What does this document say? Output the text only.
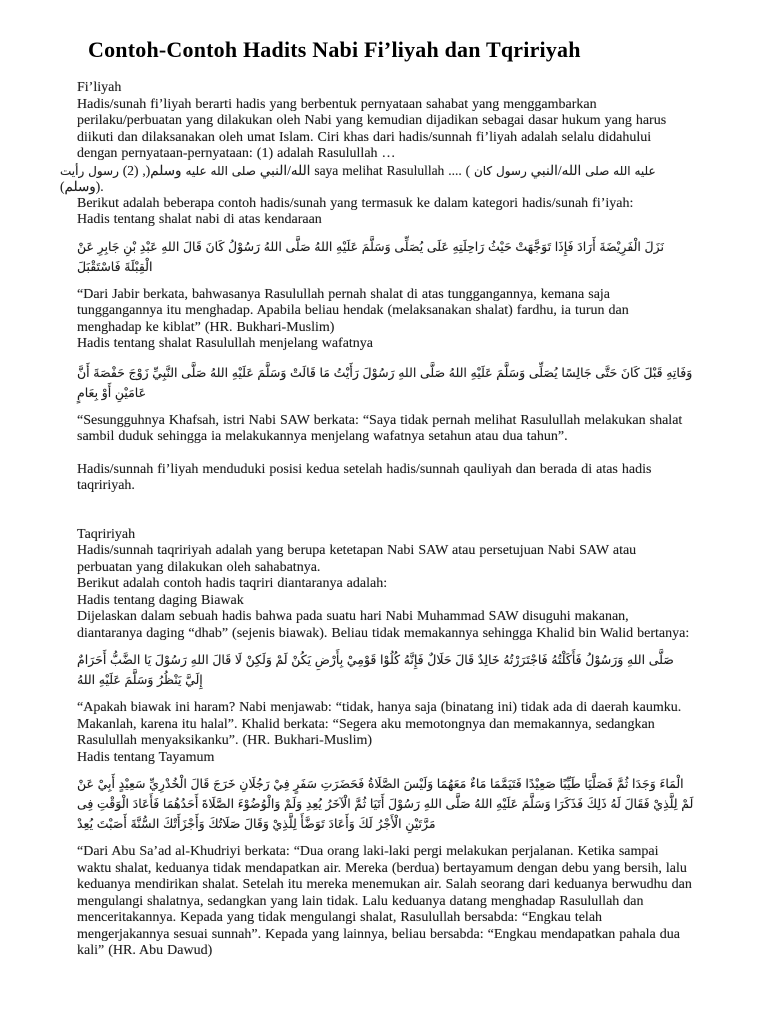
Contoh-Contoh Hadits Nabi Fi’liyah dan Tqririyah
Fi’liyah
Hadis/sunah fi’liyah berarti hadis yang berbentuk pernyataan sahabat yang menggambarkan perilaku/perbuatan yang dilakukan oleh Nabi yang kemudian dijadikan sebagai dasar hukum yang harus diikuti dan dilaksanakan oleh umat Islam. Ciri khas dari hadis/sunnah fi’liyah adalah selalu didahului dengan pernyataan-pernyataan: (1) adalah Rasulullah …
رأيت رسول	الله/النبي صلى الله عليه وسلم(, (2)	saya melihat Rasulullah .... ( كان رسول الله/النبي صلى الله عليه
(وسلم).
Berikut adalah beberapa contoh hadis/sunah yang termasuk ke dalam kategori hadis/sunah fi’iyah:
Hadis tentang shalat nabi di atas kendaraan
عَنْ جَابِرِ بْنِ عَبْدِ اللهِ قَالَ كَانَ رَسُوْلُ اللهُ صَلَّى اللهُ عَلَيْهِ وَسَلَّمَ يُصَلِّى عَلَى رَاحِلَتِهِ حَيْثُ تَوَجَّهَتْ فَإِذَا أَرَادَ الْفَرِيْضَةَ نَزَلَ فَاسْتَقْبَلَ الْقِبْلَةَ
“Dari Jabir berkata, bahwasanya Rasulullah pernah shalat di atas tunggangannya, kemana saja tunggangannya itu menghadap. Apabila beliau hendak (melaksanakan shalat) fardhu, ia turun dan menghadap ke kiblat” (HR. Bukhari-Muslim)
Hadis tentang shalat Rasulullah menjelang wafatnya
أَنَّ حَفْصَةَ زَوْجَ النَّبِيِّ صَلَّى اللهُ عَلَيْهِ وَسَلَّمَ قَالَتْ مَا رَأَيْتُ رَسُوْلَ اللهِ صَلَّى اللهُ عَلَيْهِ وَسَلَّمَ يُصَلِّى جَالِسًا حَتَّى كَانَ قَبْلَ وَفَاتِهِ بِعَامٍ أَوْ عَامَيْنِ
“Sesungguhnya Khafsah, istri Nabi SAW berkata: “Saya tidak pernah melihat Rasulullah melakukan shalat sambil duduk sehingga ia melakukannya menjelang wafatnya setahun atau dua tahun”.
Hadis/sunnah fi’liyah menduduki posisi kedua setelah hadis/sunnah qauliyah dan berada di atas hadis taqririyah.
Taqririyah
Hadis/sunnah taqririyah adalah yang berupa ketetapan Nabi SAW atau persetujuan Nabi SAW atau perbuatan yang dilakukan oleh sahabatnya.
Berikut adalah contoh hadis taqriri diantaranya adalah:
Hadis tentang daging Biawak
Dijelaskan dalam sebuah hadis bahwa pada suatu hari Nabi Muhammad SAW disuguhi makanan, diantaranya daging “dhab” (sejenis biawak). Beliau tidak memakannya sehingga Khalid bin Walid bertanya:
أَحَرَامٌ الضَّبُّ يَا رَسُوْلَ اللهِ قَالَ لَا وَلَكِنْ لَمْ يَكُنْ بِأَرْضِ قَوْمِيْ كُلُوْا فَإِنَّهُ حَلَالٌ قَالَ خَالِدٌ فَاجْتَرَرْتُهُ فَأَكَلْتُهُ وَرَسُوْلُ اللهِ صَلَّى اللهُ عَلَيْهِ وَسَلَّمَ يَنْظُرُ إِلَيَّ
“Apakah biawak ini haram? Nabi menjawab: “tidak, hanya saja (binatang ini) tidak ada di daerah kaumku. Makanlah, karena itu halal”. Khalid berkata: “Segera aku memotongnya dan memakannya, sedangkan Rasulullah menyaksikanku”. (HR. Bukhari-Muslim)
Hadis tentang Tayamum
عَنْ أَبِيْ سَعِيْدٍ الْخُدْرِيِّ قَالَ خَرَجَ رَجُلَانِ فِيْ سَفَرٍ فَحَضَرَتِ الصَّلَاةُ وَلَيْسَ مَعَهُمَا مَاءٌ فَتَيَمَّمَا صَعِيْدًا طَيِّبًا فَصَلَّيَا ثُمَّ وَجَدَا الْمَاءَ فِى الْوَقْتِ فَأَعَادَ أَحَدُهُمَا الصَّلَاةَ وَالْوُضُوْءَ وَلَمْ يُعِدِ الْآخَرُ ثُمَّ أَتَيَا رَسُوْلَ اللهِ صَلَّى اللهُ عَلَيْهِ وَسَلَّمَ فَذَكَرَا ذَلِكَ لَهُ فَقَالَ لِلَّذِيْ لَمْ يُعِدْ أَصَبْتَ السُّنَّةَ وَأَجْزَأَتْكَ صَلَاتُكَ وَقَالَ لِلَّذِيْ تَوَضَّأَ وَأَعَادَ لَكَ الْأَجْرُ مَرَّتَيْنِ
“Dari Abu Sa’ad al-Khudriyi berkata: “Dua orang laki-laki pergi melakukan perjalanan. Ketika sampai waktu shalat, keduanya tidak mendapatkan air. Mereka (berdua) bertayamum dengan debu yang bersih, lalu keduanya mendirikan shalat. Setelah itu mereka menemukan air. Salah seorang dari keduanya berwudhu dan mengulangi shalatnya, sedangkan yang lain tidak. Lalu keduanya datang menghadap Rasulullah dan menceritakannya. Kepada yang tidak mengulangi shalat, Rasulullah bersabda: “Engkau telah mengerjakannya sesuai sunnah”. Kepada yang lainnya, beliau bersabda: “Engkau mendapatkan pahala dua kali” (HR. Abu Dawud)
